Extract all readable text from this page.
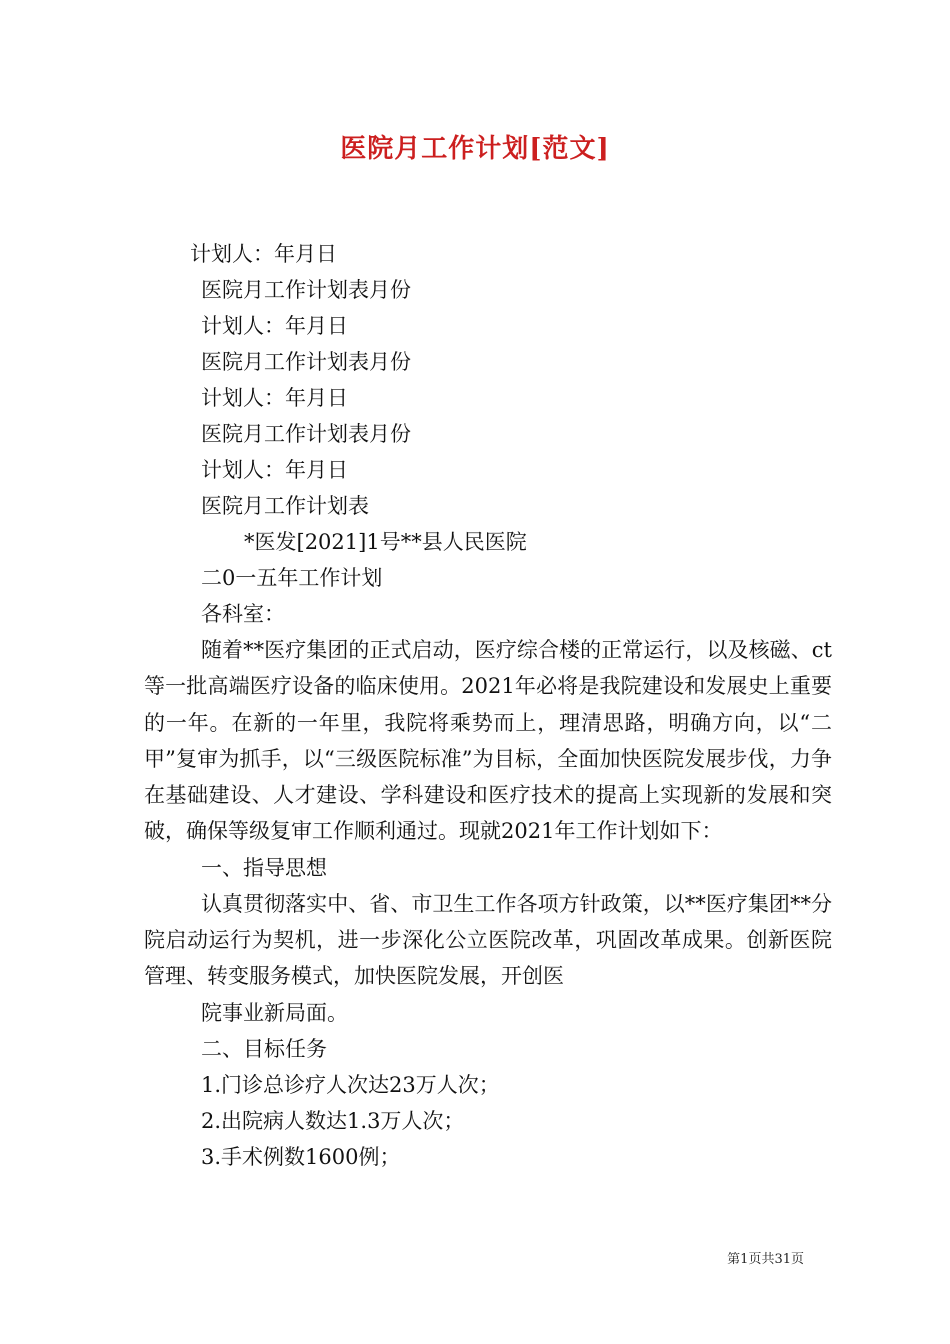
医院月工作计划[范文]
计划人：年月日
医院月工作计划表月份
计划人：年月日
医院月工作计划表月份
计划人：年月日
医院月工作计划表月份
计划人：年月日
医院月工作计划表
*医发[2021]1号**县人民医院
二0一五年工作计划
各科室：

随着**医疗集团的正式启动，医疗综合楼的正常运行，以及核磁、ct等一批高端医疗设备的临床使用。2021年必将是我院建设和发展史上重要的一年。在新的一年里，我院将乘势而上，理清思路，明确方向，以“二甲”复审为抓手，以“三级医院标准”为目标，全面加快医院发展步伐，力争在基础建设、人才建设、学科建设和医疗技术的提高上实现新的发展和突破，确保等级复审工作顺利通过。现就2021年工作计划如下：

一、指导思想

认真贯彻落实中、省、市卫生工作各项方针政策，以**医疗集团**分院启动运行为契机，进一步深化公立医院改革，巩固改革成果。创新医院管理、转变服务模式，加快医院发展，开创医

院事业新局面。
二、目标任务
1.门诊总诊疗人次达23万人次；
2.出院病人数达1.3万人次；
3.手术例数1600例；
第1页共31页
